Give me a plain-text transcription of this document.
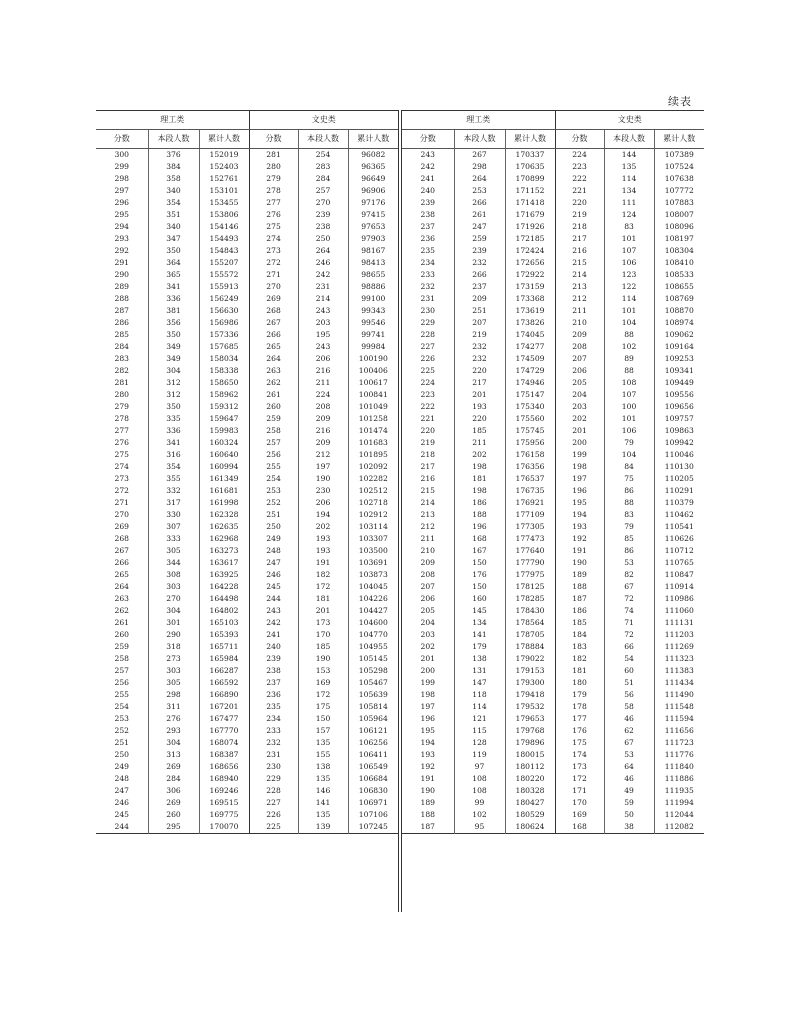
续表
理工类			文史类		
分数	本段人数	累计人数	分数	本段人数	累计人数
300	376	152019	281	254	96082
299	384	152403	280	283	96365
298	358	152761	279	284	96649
297	340	153101	278	257	96906
296	354	153455	277	270	97176
295	351	153806	276	239	97415
294	340	154146	275	238	97653
293	347	154493	274	250	97903
292	350	154843	273	264	98167
291	364	155207	272	246	98413
290	365	155572	271	242	98655
289	341	155913	270	231	98886
288	336	156249	269	214	99100
287	381	156630	268	243	99343
286	356	156986	267	203	99546
285	350	157336	266	195	99741
284	349	157685	265	243	99984
283	349	158034	264	206	100190
282	304	158338	263	216	100406
281	312	158650	262	211	100617
280	312	158962	261	224	100841
279	350	159312	260	208	101049
278	335	159647	259	209	101258
277	336	159983	258	216	101474
276	341	160324	257	209	101683
275	316	160640	256	212	101895
274	354	160994	255	197	102092
273	355	161349	254	190	102282
272	332	161681	253	230	102512
271	317	161998	252	206	102718
270	330	162328	251	194	102912
269	307	162635	250	202	103114
268	333	162968	249	193	103307
267	305	163273	248	193	103500
266	344	163617	247	191	103691
265	308	163925	246	182	103873
264	303	164228	245	172	104045
263	270	164498	244	181	104226
262	304	164802	243	201	104427
261	301	165103	242	173	104600
260	290	165393	241	170	104770
259	318	165711	240	185	104955
258	273	165984	239	190	105145
257	303	166287	238	153	105298
256	305	166592	237	169	105467
255	298	166890	236	172	105639
254	311	167201	235	175	105814
253	276	167477	234	150	105964
252	293	167770	233	157	106121
251	304	168074	232	135	106256
250	313	168387	231	155	106411
249	269	168656	230	138	106549
248	284	168940	229	135	106684
247	306	169246	228	146	106830
246	269	169515	227	141	106971
245	260	169775	226	135	107106
244	295	170070	225	139	107245
理工类			文史类		
分数	本段人数	累计人数	分数	本段人数	累计人数
243	267	170337	224	144	107389
242	298	170635	223	135	107524
241	264	170899	222	114	107638
240	253	171152	221	134	107772
239	266	171418	220	111	107883
238	261	171679	219	124	108007
237	247	171926	218	83	108096
236	259	172185	217	101	108197
235	239	172424	216	107	108304
234	232	172656	215	106	108410
233	266	172922	214	123	108533
232	237	173159	213	122	108655
231	209	173368	212	114	108769
230	251	173619	211	101	108870
229	207	173826	210	104	108974
228	219	174045	209	88	109062
227	232	174277	208	102	109164
226	232	174509	207	89	109253
225	220	174729	206	88	109341
224	217	174946	205	108	109449
223	201	175147	204	107	109556
222	193	175340	203	100	109656
221	220	175560	202	101	109757
220	185	175745	201	106	109863
219	211	175956	200	79	109942
218	202	176158	199	104	110046
217	198	176356	198	84	110130
216	181	176537	197	75	110205
215	198	176735	196	86	110291
214	186	176921	195	88	110379
213	188	177109	194	83	110462
212	196	177305	193	79	110541
211	168	177473	192	85	110626
210	167	177640	191	86	110712
209	150	177790	190	53	110765
208	176	177975	189	82	110847
207	150	178125	188	67	110914
206	160	178285	187	72	110986
205	145	178430	186	74	111060
204	134	178564	185	71	111131
203	141	178705	184	72	111203
202	179	178884	183	66	111269
201	138	179022	182	54	111323
200	131	179153	181	60	111383
199	147	179300	180	51	111434
198	118	179418	179	56	111490
197	114	179532	178	58	111548
196	121	179653	177	46	111594
195	115	179768	176	62	111656
194	128	179896	175	67	111723
193	119	180015	174	53	111776
192	97	180112	173	64	111840
191	108	180220	172	46	111886
190	108	180328	171	49	111935
189	99	180427	170	59	111994
188	102	180529	169	50	112044
187	95	180624	168	38	112082
